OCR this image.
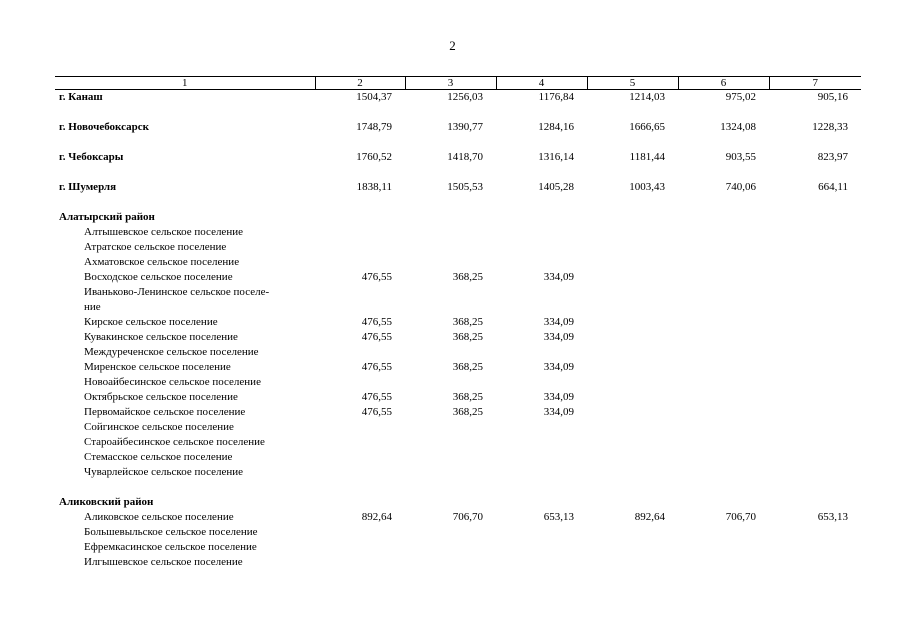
2
1	2	3	4	5	6	7
г. Канаш	1504,37	1256,03	1176,84	1214,03	975,02	905,16

г. Новочебоксарск	1748,79	1390,77	1284,16	1666,65	1324,08	1228,33

г. Чебоксары	1760,52	1418,70	1316,14	1181,44	903,55	823,97

г. Шумерля	1838,11	1505,53	1405,28	1003,43	740,06	664,11

Алатырский район						
Алтышевское сельское поселение						
Атратское сельское поселение						
Ахматовское сельское поселение						
Восходское сельское поселение	476,55	368,25	334,09			
Иваньково-Ленинское сельское поселе-						
ние						
Кирское сельское поселение	476,55	368,25	334,09			
Кувакинское сельское поселение	476,55	368,25	334,09			
Междуреченское сельское поселение						
Миренское сельское поселение	476,55	368,25	334,09			
Новоайбесинское сельское поселение						
Октябрьское сельское поселение	476,55	368,25	334,09			
Первомайское сельское поселение	476,55	368,25	334,09			
Сойгинское сельское поселение						
Староайбесинское сельское поселение						
Стемасское сельское поселение						
Чуварлейское сельское поселение						

Аликовский район						
Аликовское сельское поселение	892,64	706,70	653,13	892,64	706,70	653,13
Большевыльское сельское поселение						
Ефремкасинское сельское поселение						
Илгышевское сельское поселение						
